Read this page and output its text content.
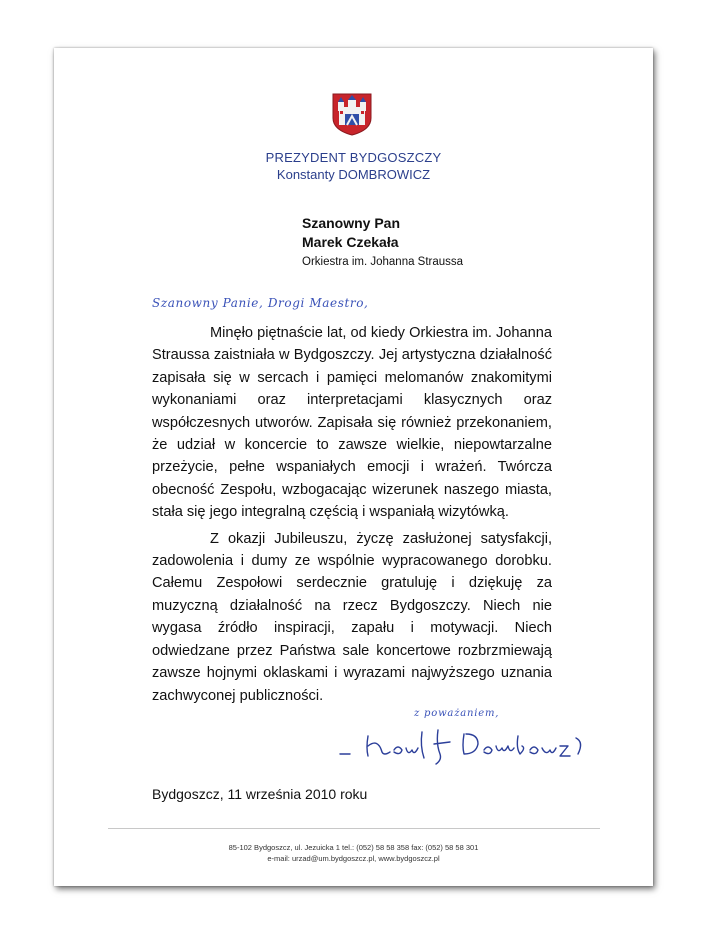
PREZYDENT BYDGOSZCZY
Konstanty DOMBROWICZ
Szanowny Pan
Marek Czekała
Orkiestra im. Johanna Straussa
Szanowny Panie, Drogi Maestro,

Minęło piętnaście lat, od kiedy Orkiestra im. Johanna Straussa zaistniała w Bydgoszczy. Jej artystyczna działalność zapisała się w sercach i pamięci melomanów znakomitymi wykonaniami oraz interpretacjami klasycznych oraz współczesnych utworów. Zapisała się również przekonaniem, że udział w koncercie to zawsze wielkie, niepowtarzalne przeżycie, pełne wspaniałych emocji i wrażeń. Twórcza obecność Zespołu, wzbogacając wizerunek naszego miasta, stała się jego integralną częścią i wspaniałą wizytówką.

Z okazji Jubileuszu, życzę zasłużonej satysfakcji, zadowolenia i dumy ze wspólnie wypracowanego dorobku. Całemu Zespołowi serdecznie gratuluję i dziękuję za muzyczną działalność na rzecz Bydgoszczy. Niech nie wygasa źródło inspiracji, zapału i motywacji. Niech odwiedzane przez Państwa sale koncertowe rozbrzmiewają zawsze hojnymi oklaskami i wyrazami najwyższego uznania zachwyconej publiczności.

z poważaniem,
Bydgoszcz, 11 września 2010 roku
85-102 Bydgoszcz, ul. Jezuicka 1 tel.: (052) 58 58 358 fax: (052) 58 58 301
e-mail: urzad@um.bydgoszcz.pl, www.bydgoszcz.pl
